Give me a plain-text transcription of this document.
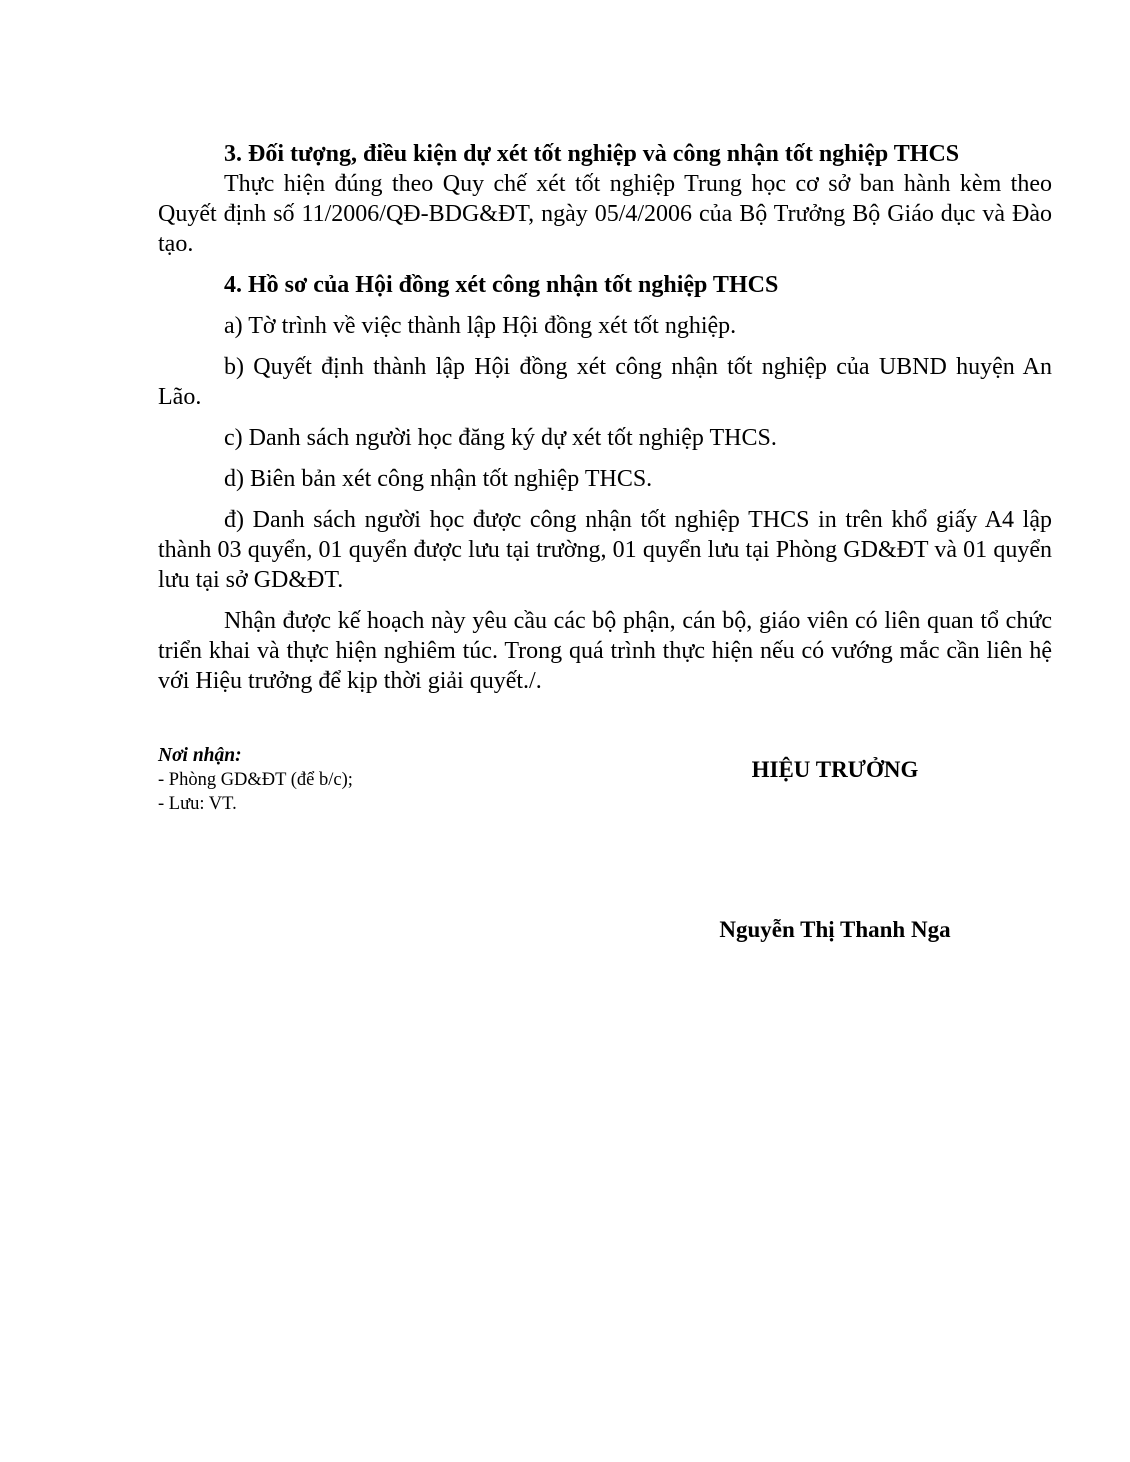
3. Đối tượng, điều kiện dự xét tốt nghiệp và công nhận tốt nghiệp THCS

Thực hiện đúng theo Quy chế xét tốt nghiệp Trung học cơ sở ban hành kèm theo Quyết định số 11/2006/QĐ-BDG&ĐT, ngày 05/4/2006 của Bộ Trưởng Bộ Giáo dục và Đào tạo.

4. Hồ sơ của Hội đồng xét công nhận tốt nghiệp THCS

a) Tờ trình về việc thành lập Hội đồng xét tốt nghiệp.

b) Quyết định thành lập Hội đồng xét công nhận tốt nghiệp của UBND huyện An Lão.

c) Danh sách người học đăng ký dự xét tốt nghiệp THCS.

d) Biên bản xét công nhận tốt nghiệp THCS.

đ) Danh sách người học được công nhận tốt nghiệp THCS in trên khổ giấy A4 lập thành 03 quyển, 01 quyển được lưu tại trường, 01 quyển lưu tại Phòng GD&ĐT và 01 quyển lưu tại sở GD&ĐT.

Nhận được kế hoạch này yêu cầu các bộ phận, cán bộ, giáo viên có liên quan tổ chức triển khai và thực hiện nghiêm túc. Trong quá trình thực hiện nếu có vướng mắc cần liên hệ với Hiệu trưởng để kịp thời giải quyết./.

Nơi nhận:
- Phòng GD&ĐT (để b/c);
- Lưu: VT.
HIỆU TRƯỞNG
Nguyễn Thị Thanh Nga
